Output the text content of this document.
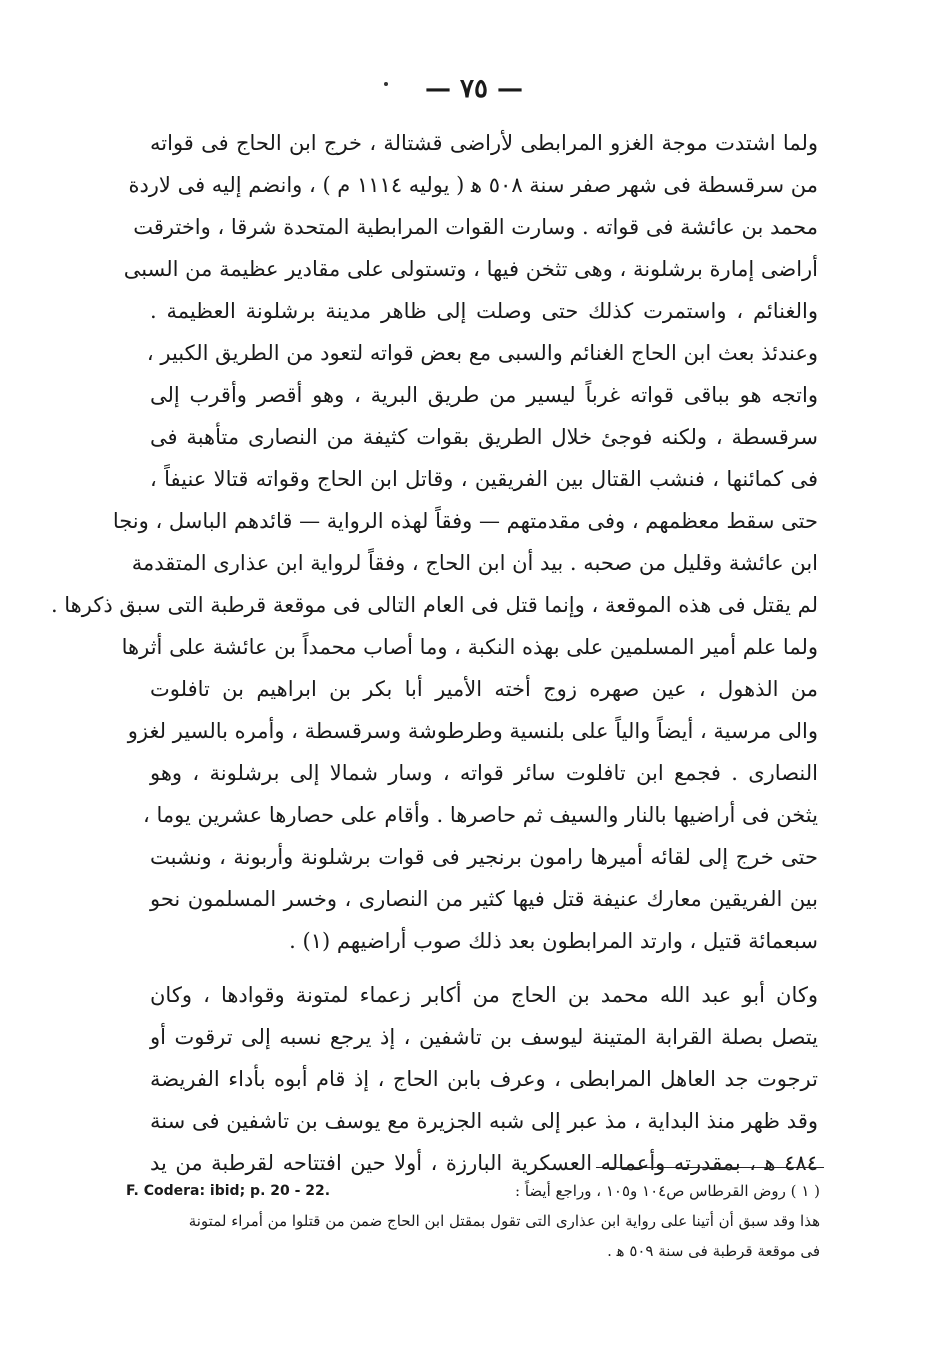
— ٧٥ —
ولما اشتدت موجة الغزو المرابطى لأراضى قشتالة ، خرج ابن الحاج فى قواته
من سرقسطة فى شهر صفر سنة ٥٠٨ ﻫ ( يوليه ١١١٤ م ) ، وانضم إليه فى لاردة
محمد بن عائشة فى قواته . وسارت القوات المرابطية المتحدة شرقا ، واخترقت
أراضى إمارة برشلونة ، وهى تثخن فيها ، وتستولى على مقادير عظيمة من السبى
والغنائم ، واستمرت كذلك حتى وصلت إلى ظاهر مدينة برشلونة العظيمة .
وعندئذ بعث ابن الحاج الغنائم والسبى مع بعض قواته لتعود من الطريق الكبير ،
واتجه هو بباقى قواته غرباً ليسير من طريق البرية ، وهو أقصر وأقرب إلى
سرقسطة ، ولكنه فوجئ خلال الطريق بقوات كثيفة من النصارى متأهبة فى
فى كمائنها ، فنشب القتال بين الفريقين ، وقاتل ابن الحاج وقواته قتالا عنيفاً ،
حتى سقط معظمهم ، وفى مقدمتهم — وفقاً لهذه الرواية — قائدهم الباسل ، ونجا
ابن عائشة وقليل من صحبه . بيد أن ابن الحاج ، وفقاً لرواية ابن عذارى المتقدمة
لم يقتل فى هذه الموقعة ، وإنما قتل فى العام التالى فى موقعة قرطبة التى سبق ذكرها .
ولما علم أمير المسلمين على بهذه النكبة ، وما أصاب محمداً بن عائشة على أثرها
من الذهول ، عين صهره زوج أخته الأمير أبا بكر بن ابراهيم بن تافلوت
والى مرسية ، أيضاً والياً على بلنسية وطرطوشة وسرقسطة ، وأمره بالسير لغزو
النصارى . فجمع ابن تافلوت سائر قواته ، وسار شمالا إلى برشلونة ، وهو
يثخن فى أراضيها بالنار والسيف ثم حاصرها . وأقام على حصارها عشرين يوما ،
حتى خرج إلى لقائه أميرها رامون برنجير فى قوات برشلونة وأربونة ، ونشبت
بين الفريقين معارك عنيفة قتل فيها كثير من النصارى ، وخسر المسلمون نحو
سبعمائة قتيل ، وارتد المرابطون بعد ذلك صوب أراضيهم (١) .
وكان أبو عبد الله محمد بن الحاج من أكابر زعماء لمتونة وقوادها ، وكان
يتصل بصلة القرابة المتينة ليوسف بن تاشفين ، إذ يرجع نسبه إلى ترقوت أو
ترجوت جد العاهل المرابطى ، وعرف بابن الحاج ، إذ قام أبوه بأداء الفريضة
وقد ظهر منذ البداية ، مذ عبر إلى شبه الجزيرة مع يوسف بن تاشفين فى سنة
٤٨٤ ﻫ ، بمقدرته وأعماله العسكرية البارزة ، أولا حين افتتاحه لقرطبة من يد
( ١ ) روض القرطاس ص١٠٤ و١٠٥ ، وراجع أيضاً :
F. Codera: ibid; p. 20 - 22.
هذا وقد سبق أن أتينا على رواية ابن عذارى التى تقول بمقتل ابن الحاج ضمن من قتلوا من أمراء لمتونة
فى موقعة قرطبة فى سنة ٥٠٩ ﻫ .
